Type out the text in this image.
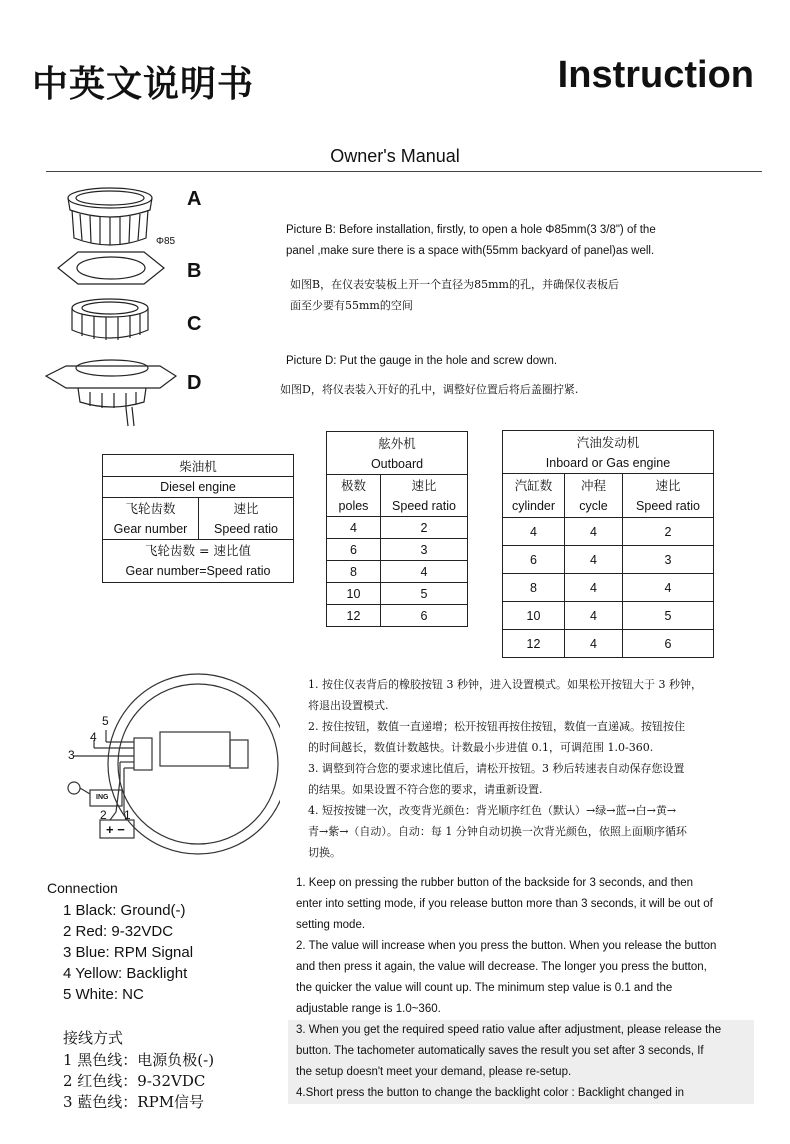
中英文说明书	Instruction
Owner's Manual
Φ85
A
B
C
D
Picture B: Before installation, firstly, to open a hole Φ85mm(3 3/8") of the
panel ,make sure there is a space with(55mm backyard of panel)as well.
如图B，在仪表安装板上开一个直径为85mm的孔，并确保仪表板后
面至少要有55mm的空间
Picture D: Put the gauge in the hole and screw down.
如图D，将仪表装入开好的孔中，调整好位置后将后盖圈拧紧.
柴油机	
Diesel engine	
飞轮齿数	速比
Gear number	Speed ratio
飞轮齿数 = 速比值	
Gear number=Speed ratio	
舷外机	
Outboard	
极数	速比
poles	Speed ratio
4	2
6	3
8	4
10	5
12	6
汽油发动机		
Inboard or Gas engine		
汽缸数	冲程	速比
cylinder	cycle	Speed ratio
4	4	2
6	4	3
8	4	4
10	4	5
12	4	6
5
4
3
2 1
ING
+ −
1. 按住仪表背后的橡胶按钮 3 秒钟，进入设置模式。如果松开按钮大于 3 秒钟，
将退出设置模式.
2. 按住按钮，数值一直递增；松开按钮再按住按钮，数值一直递减。按钮按住
的时间越长，数值计数越快。计数最小步进值 0.1，可调范围 1.0-360.
3. 调整到符合您的要求速比值后，请松开按钮。3 秒后转速表自动保存您设置
的结果。如果设置不符合您的要求，请重新设置.
4. 短按按键一次，改变背光颜色：背光顺序红色（默认）→绿→蓝→白→黄→
青→紫→（自动）。自动：每 1 分钟自动切换一次背光颜色，依照上面顺序循环
切换。
Connection
1 Black: Ground(-)
2 Red: 9-32VDC
3 Blue: RPM Signal
4 Yellow: Backlight
5 White: NC
接线方式
1 黑色线：电源负极(-)
2 红色线：9-32VDC
3 藍色线：RPM信号
1. Keep on pressing the rubber button of the backside for 3 seconds, and then
enter into setting mode, if you release button more than 3 seconds, it will be out of
setting mode.
2. The value will increase when you press the button. When you release the button
and then press it again, the value will decrease. The longer you press the button,
the quicker the value will count up. The minimum step value is 0.1 and the
adjustable range is 1.0~360.
3. When you get the required speed ratio value after adjustment, please release the
button. The tachometer automatically saves the result you set after 3 seconds, If
the setup doesn't meet your demand, please re-setup.
4.Short press the button to change the backlight color : Backlight changed in
